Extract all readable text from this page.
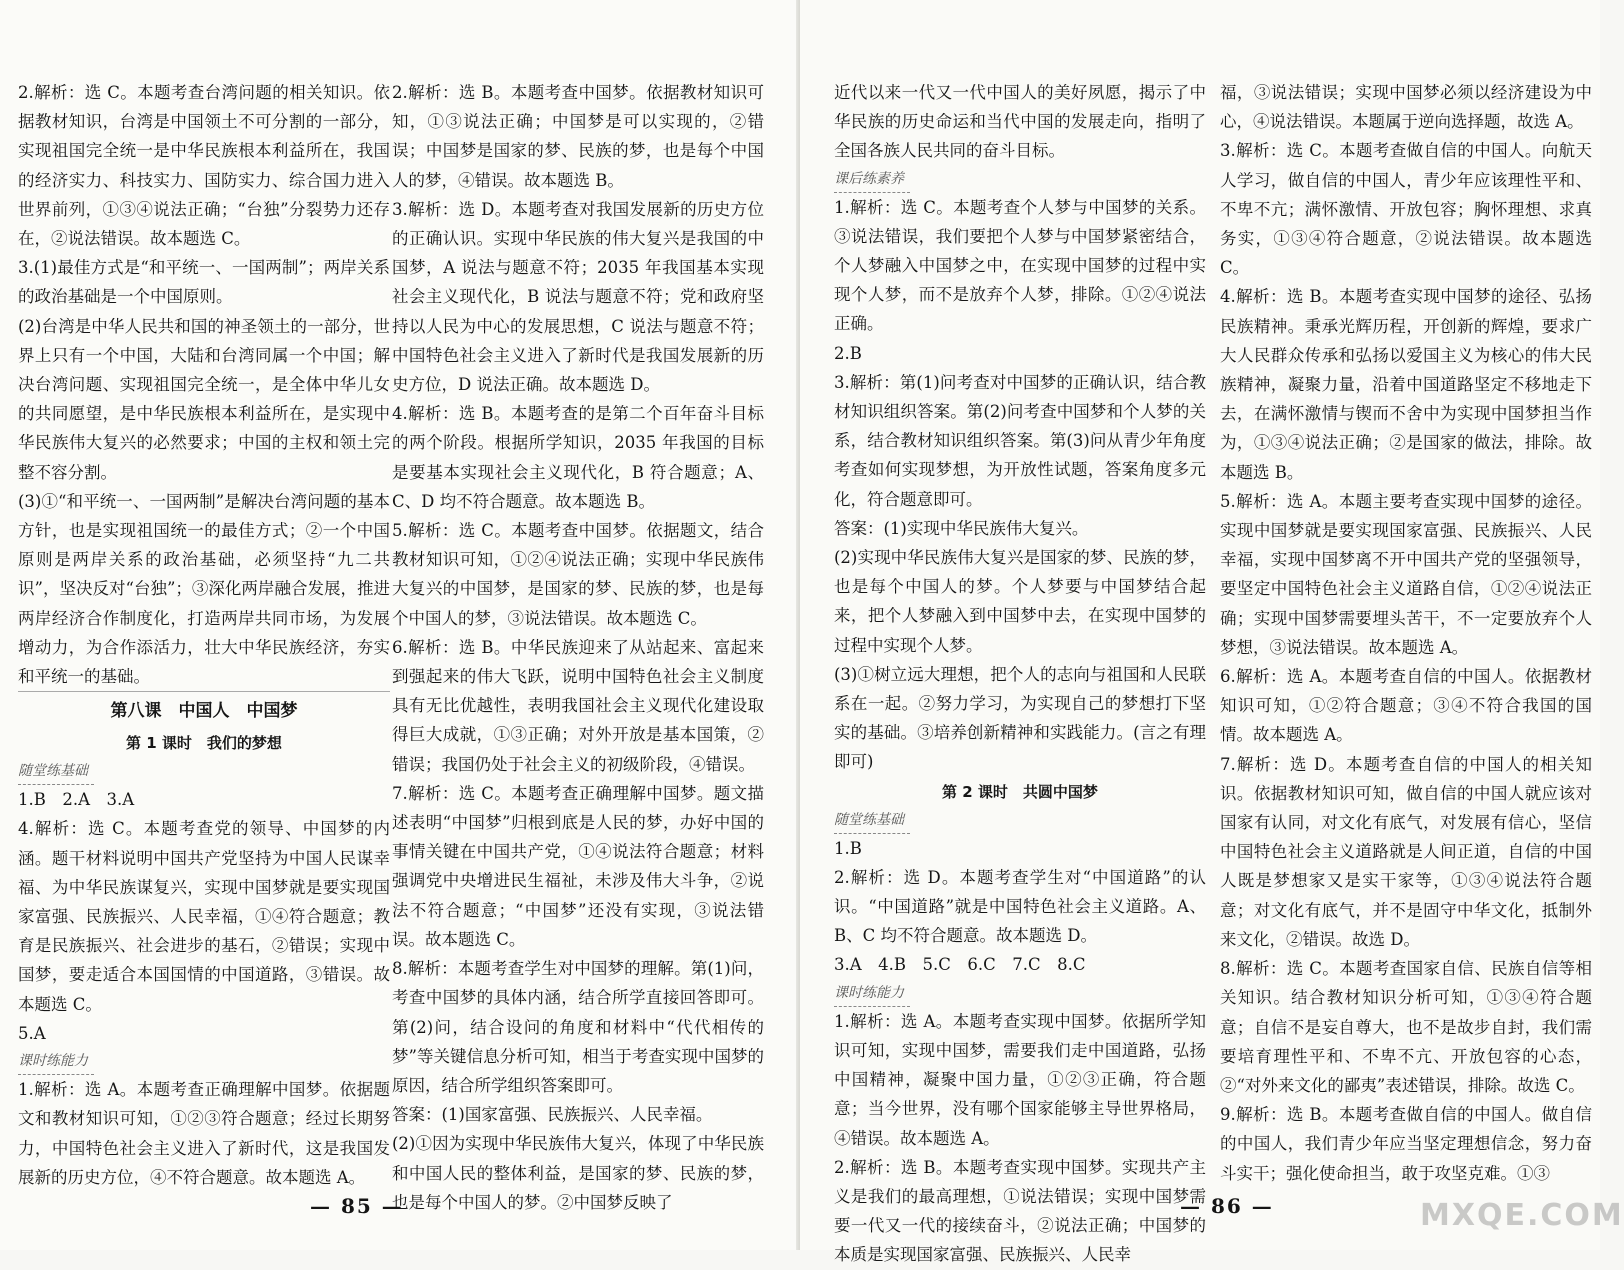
2.解析：选 C。本题考查台湾问题的相关知识。依据教材知识，台湾是中国领土不可分割的一部分，实现祖国完全统一是中华民族根本利益所在，我国的经济实力、科技实力、国防实力、综合国力进入世界前列，①③④说法正确；“台独”分裂势力还存在，②说法错误。故本题选 C。

3.(1)最佳方式是“和平统一、一国两制”；两岸关系的政治基础是一个中国原则。

(2)台湾是中华人民共和国的神圣领土的一部分，世界上只有一个中国，大陆和台湾同属一个中国；解决台湾问题、实现祖国完全统一，是全体中华儿女的共同愿望，是中华民族根本利益所在，是实现中华民族伟大复兴的必然要求；中国的主权和领土完整不容分割。

(3)①“和平统一、一国两制”是解决台湾问题的基本方针，也是实现祖国统一的最佳方式；②一个中国原则是两岸关系的政治基础，必须坚持“九二共识”，坚决反对“台独”；③深化两岸融合发展，推进两岸经济合作制度化，打造两岸共同市场，为发展增动力，为合作添活力，壮大中华民族经济，夯实和平统一的基础。

第八课　中国人　中国梦
第 1 课时　我们的梦想
随堂练基础

1.B　2.A　3.A

4.解析：选 C。本题考查党的领导、中国梦的内涵。题干材料说明中国共产党坚持为中国人民谋幸福、为中华民族谋复兴，实现中国梦就是要实现国家富强、民族振兴、人民幸福，①④符合题意；教育是民族振兴、社会进步的基石，②错误；实现中国梦，要走适合本国国情的中国道路，③错误。故本题选 C。

5.A

课时练能力

1.解析：选 A。本题考查正确理解中国梦。依据题文和教材知识可知，①②③符合题意；经过长期努力，中国特色社会主义进入了新时代，这是我国发展新的历史方位，④不符合题意。故本题选 A。

2.解析：选 B。本题考查中国梦。依据教材知识可知，①③说法正确；中国梦是可以实现的，②错误；中国梦是国家的梦、民族的梦，也是每个中国人的梦，④错误。故本题选 B。

3.解析：选 D。本题考查对我国发展新的历史方位的正确认识。实现中华民族的伟大复兴是我国的中国梦，A 说法与题意不符；2035 年我国基本实现社会主义现代化，B 说法与题意不符；党和政府坚持以人民为中心的发展思想，C 说法与题意不符；中国特色社会主义进入了新时代是我国发展新的历史方位，D 说法正确。故本题选 D。

4.解析：选 B。本题考查的是第二个百年奋斗目标的两个阶段。根据所学知识，2035 年我国的目标是要基本实现社会主义现代化，B 符合题意；A、C、D 均不符合题意。故本题选 B。

5.解析：选 C。本题考查中国梦。依据题文，结合教材知识可知，①②④说法正确；实现中华民族伟大复兴的中国梦，是国家的梦、民族的梦，也是每个中国人的梦，③说法错误。故本题选 C。

6.解析：选 B。中华民族迎来了从站起来、富起来到强起来的伟大飞跃，说明中国特色社会主义制度具有无比优越性，表明我国社会主义现代化建设取得巨大成就，①③正确；对外开放是基本国策，②错误；我国仍处于社会主义的初级阶段，④错误。

7.解析：选 C。本题考查正确理解中国梦。题文描述表明“中国梦”归根到底是人民的梦，办好中国的事情关键在中国共产党，①④说法符合题意；材料强调党中央增进民生福祉，未涉及伟大斗争，②说法不符合题意；“中国梦”还没有实现，③说法错误。故本题选 C。

8.解析：本题考查学生对中国梦的理解。第(1)问，考查中国梦的具体内涵，结合所学直接回答即可。第(2)问，结合设问的角度和材料中“代代相传的梦”等关键信息分析可知，相当于考查实现中国梦的原因，结合所学组织答案即可。

答案：(1)国家富强、民族振兴、人民幸福。

(2)①因为实现中华民族伟大复兴，体现了中华民族和中国人民的整体利益，是国家的梦、民族的梦，也是每个中国人的梦。②中国梦反映了

— 85 —

近代以来一代又一代中国人的美好夙愿，揭示了中华民族的历史命运和当代中国的发展走向，指明了全国各族人民共同的奋斗目标。

课后练素养

1.解析：选 C。本题考查个人梦与中国梦的关系。③说法错误，我们要把个人梦与中国梦紧密结合，个人梦融入中国梦之中，在实现中国梦的过程中实现个人梦，而不是放弃个人梦，排除。①②④说法正确。

2.B

3.解析：第(1)问考查对中国梦的正确认识，结合教材知识组织答案。第(2)问考查中国梦和个人梦的关系，结合教材知识组织答案。第(3)问从青少年角度考查如何实现梦想，为开放性试题，答案角度多元化，符合题意即可。

答案：(1)实现中华民族伟大复兴。

(2)实现中华民族伟大复兴是国家的梦、民族的梦，也是每个中国人的梦。个人梦要与中国梦结合起来，把个人梦融入到中国梦中去，在实现中国梦的过程中实现个人梦。

(3)①树立远大理想，把个人的志向与祖国和人民联系在一起。②努力学习，为实现自己的梦想打下坚实的基础。③培养创新精神和实践能力。(言之有理即可)

第 2 课时　共圆中国梦
随堂练基础

1.B

2.解析：选 D。本题考查学生对“中国道路”的认识。“中国道路”就是中国特色社会主义道路。A、B、C 均不符合题意。故本题选 D。

3.A　4.B　5.C　6.C　7.C　8.C

课时练能力

1.解析：选 A。本题考查实现中国梦。依据所学知识可知，实现中国梦，需要我们走中国道路，弘扬中国精神，凝聚中国力量，①②③正确，符合题意；当今世界，没有哪个国家能够主导世界格局，④错误。故本题选 A。

2.解析：选 B。本题考查实现中国梦。实现共产主义是我们的最高理想，①说法错误；实现中国梦需要一代又一代的接续奋斗，②说法正确；中国梦的本质是实现国家富强、民族振兴、人民幸

福，③说法错误；实现中国梦必须以经济建设为中心，④说法错误。本题属于逆向选择题，故选 A。

3.解析：选 C。本题考查做自信的中国人。向航天人学习，做自信的中国人，青少年应该理性平和、不卑不亢；满怀激情、开放包容；胸怀理想、求真务实，①③④符合题意，②说法错误。故本题选 C。

4.解析：选 B。本题考查实现中国梦的途径、弘扬民族精神。秉承光辉历程，开创新的辉煌，要求广大人民群众传承和弘扬以爱国主义为核心的伟大民族精神，凝聚力量，沿着中国道路坚定不移地走下去，在满怀激情与锲而不舍中为实现中国梦担当作为，①③④说法正确；②是国家的做法，排除。故本题选 B。

5.解析：选 A。本题主要考查实现中国梦的途径。实现中国梦就是要实现国家富强、民族振兴、人民幸福，实现中国梦离不开中国共产党的坚强领导，要坚定中国特色社会主义道路自信，①②④说法正确；实现中国梦需要埋头苦干，不一定要放弃个人梦想，③说法错误。故本题选 A。

6.解析：选 A。本题考查自信的中国人。依据教材知识可知，①②符合题意；③④不符合我国的国情。故本题选 A。

7.解析：选 D。本题考查自信的中国人的相关知识。依据教材知识可知，做自信的中国人就应该对国家有认同，对文化有底气，对发展有信心，坚信中国特色社会主义道路就是人间正道，自信的中国人既是梦想家又是实干家等，①③④说法符合题意；对文化有底气，并不是固守中华文化，抵制外来文化，②错误。故选 D。

8.解析：选 C。本题考查国家自信、民族自信等相关知识。结合教材知识分析可知，①③④符合题意；自信不是妄自尊大，也不是故步自封，我们需要培育理性平和、不卑不亢、开放包容的心态，②“对外来文化的鄙夷”表述错误，排除。故选 C。

9.解析：选 B。本题考查做自信的中国人。做自信的中国人，我们青少年应当坚定理想信念，努力奋斗实干；强化使命担当，敢于攻坚克难。①③

— 86 —	MXQE.COM
